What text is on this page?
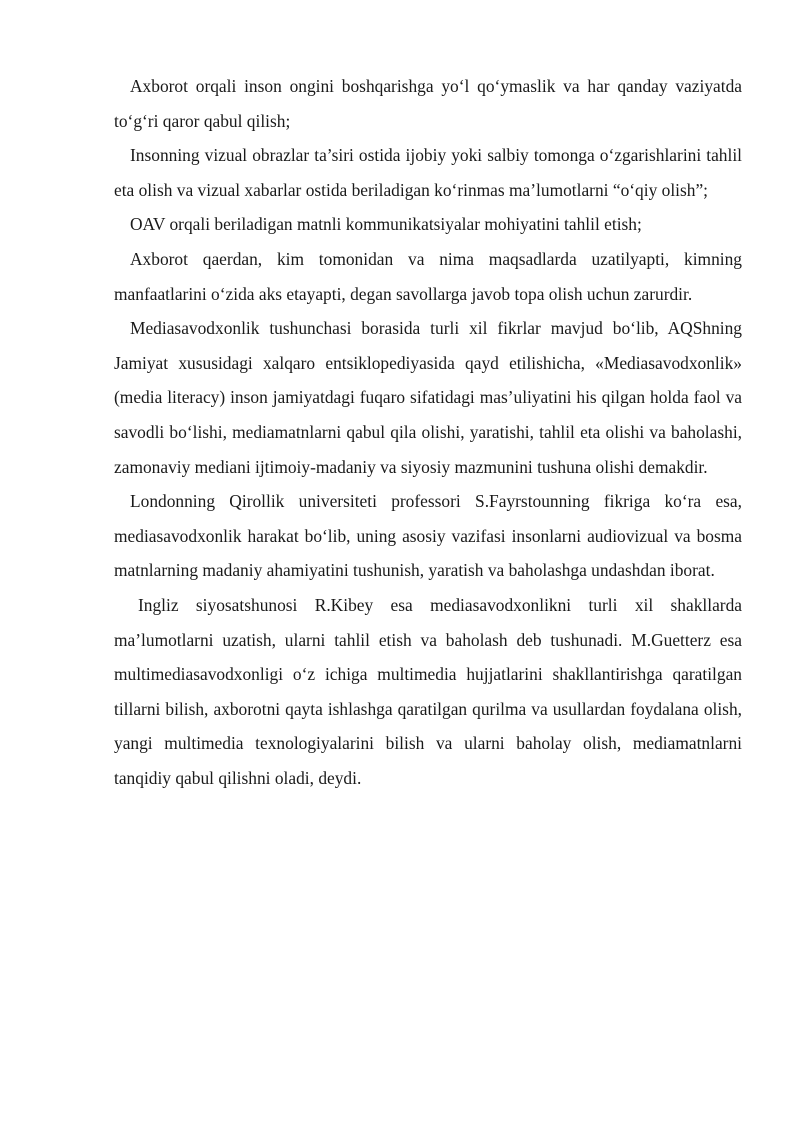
Axborot orqali inson ongini boshqarishga yo‘l qo‘ymaslik va har qanday vaziyatda to‘g‘ri qaror qabul qilish;

Insonning vizual obrazlar ta’siri ostida ijobiy yoki salbiy tomonga o‘zgarishlarini tahlil eta olish va vizual xabarlar ostida beriladigan ko‘rinmas ma’lumotlarni “o‘qiy olish”;

OAV orqali beriladigan matnli kommunikatsiyalar mohiyatini tahlil etish;

Axborot qaerdan, kim tomonidan va nima maqsadlarda uzatilyapti, kimning manfaatlarini o‘zida aks etayapti, degan savollarga javob topa olish uchun zarurdir.

Mediasavodxonlik tushunchasi borasida turli xil fikrlar mavjud bo‘lib, AQShning Jamiyat xususidagi xalqaro entsiklopediyasida qayd etilishicha, «Mediasavodxonlik» (media literacy) inson jamiyatdagi fuqaro sifatidagi mas’uliyatini his qilgan holda faol va savodli bo‘lishi, mediamatnlarni qabul qila olishi, yaratishi, tahlil eta olishi va baholashi, zamonaviy mediani ijtimoiy-madaniy va siyosiy mazmunini tushuna olishi demakdir.

Londonning Qirollik universiteti professori S.Fayrstounning fikriga ko‘ra esa, mediasavodxonlik harakat bo‘lib, uning asosiy vazifasi insonlarni audiovizual va bosma matnlarning madaniy ahamiyatini tushunish, yaratish va baholashga undashdan iborat.

Ingliz siyosatshunosi R.Kibey esa mediasavodxonlikni turli xil shakllarda ma’lumotlarni uzatish, ularni tahlil etish va baholash deb tushunadi. M.Guetterz esa multimediasavodxonligi o‘z ichiga multimedia hujjatlarini shakllantirishga qaratilgan tillarni bilish, axborotni qayta ishlashga qaratilgan qurilma va usullardan foydalana olish, yangi multimedia texnologiyalarini bilish va ularni baholay olish, mediamatnlarni tanqidiy qabul qilishni oladi, deydi.
